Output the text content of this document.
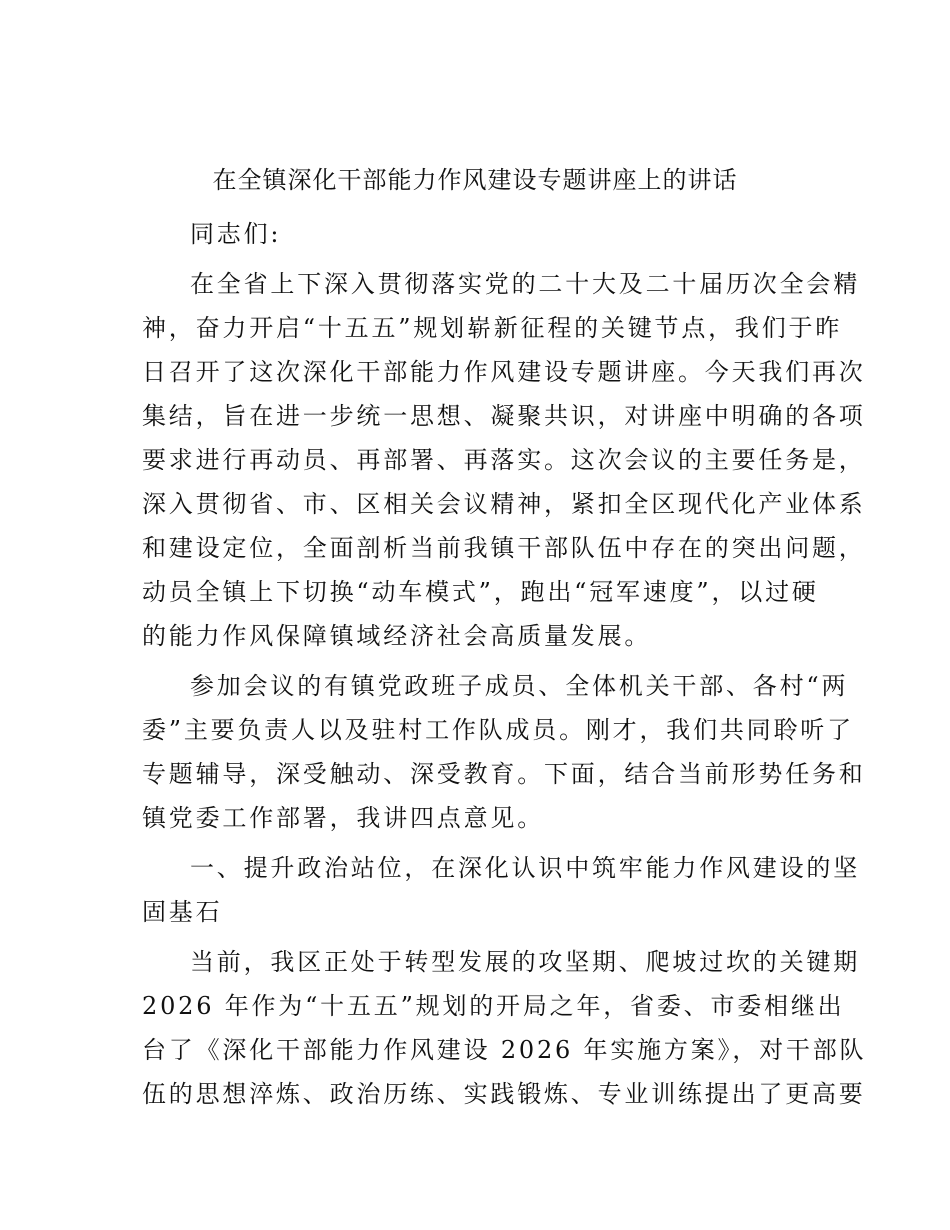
在全镇深化干部能力作风建设专题讲座上的讲话
同志们:
在全省上下深入贯彻落实党的二十大及二十届历次全会精
神，奋力开启“十五五”规划崭新征程的关键节点，我们于昨
日召开了这次深化干部能力作风建设专题讲座。今天我们再次
集结，旨在进一步统一思想、凝聚共识，对讲座中明确的各项
要求进行再动员、再部署、再落实。这次会议的主要任务是，
深入贯彻省、市、区相关会议精神，紧扣全区现代化产业体系
和建设定位，全面剖析当前我镇干部队伍中存在的突出问题，
动员全镇上下切换“动车模式”，跑出“冠军速度”，以过硬
的能力作风保障镇域经济社会高质量发展。
参加会议的有镇党政班子成员、全体机关干部、各村“两
委”主要负责人以及驻村工作队成员。刚才，我们共同聆听了
专题辅导，深受触动、深受教育。下面，结合当前形势任务和
镇党委工作部署，我讲四点意见。
一、提升政治站位，在深化认识中筑牢能力作风建设的坚
固基石
当前，我区正处于转型发展的攻坚期、爬坡过坎的关键期
2026 年作为“十五五”规划的开局之年，省委、市委相继出
台了《深化干部能力作风建设 2026 年实施方案》，对干部队
伍的思想淬炼、政治历练、实践锻炼、专业训练提出了更高要
